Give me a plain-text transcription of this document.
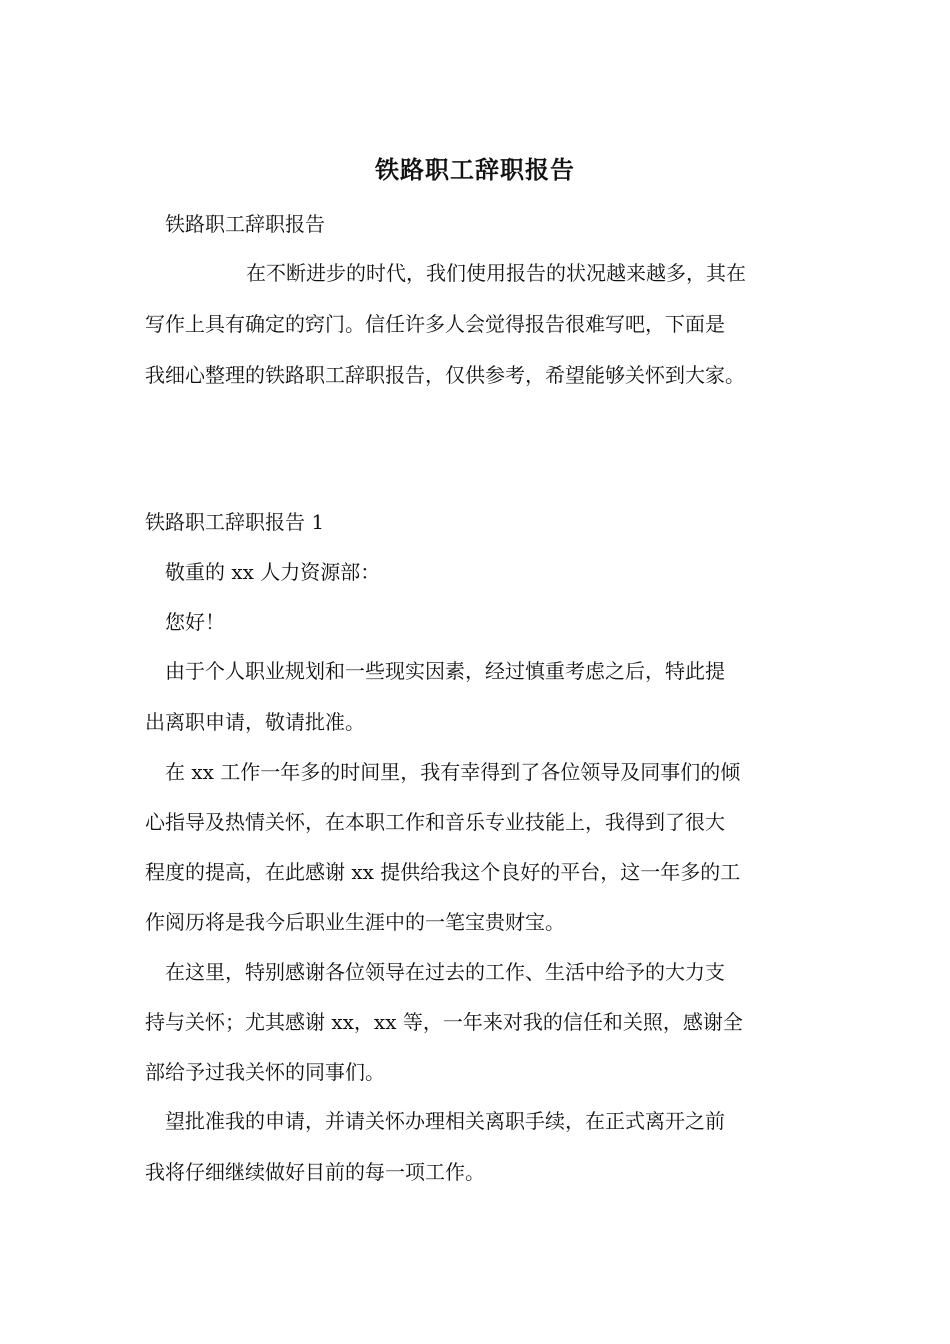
铁路职工辞职报告
铁路职工辞职报告
在不断进步的时代，我们使用报告的状况越来越多，其在
写作上具有确定的窍门。信任许多人会觉得报告很难写吧，下面是
我细心整理的铁路职工辞职报告，仅供参考，希望能够关怀到大家。
铁路职工辞职报告 1
敬重的 xx 人力资源部：
您好！
由于个人职业规划和一些现实因素，经过慎重考虑之后，特此提
出离职申请，敬请批准。
在 xx 工作一年多的时间里，我有幸得到了各位领导及同事们的倾
心指导及热情关怀，在本职工作和音乐专业技能上，我得到了很大
程度的提高，在此感谢 xx 提供给我这个良好的平台，这一年多的工
作阅历将是我今后职业生涯中的一笔宝贵财宝。
在这里，特别感谢各位领导在过去的工作、生活中给予的大力支
持与关怀；尤其感谢 xx，xx 等，一年来对我的信任和关照，感谢全
部给予过我关怀的同事们。
望批准我的申请，并请关怀办理相关离职手续，在正式离开之前
我将仔细继续做好目前的每一项工作。
